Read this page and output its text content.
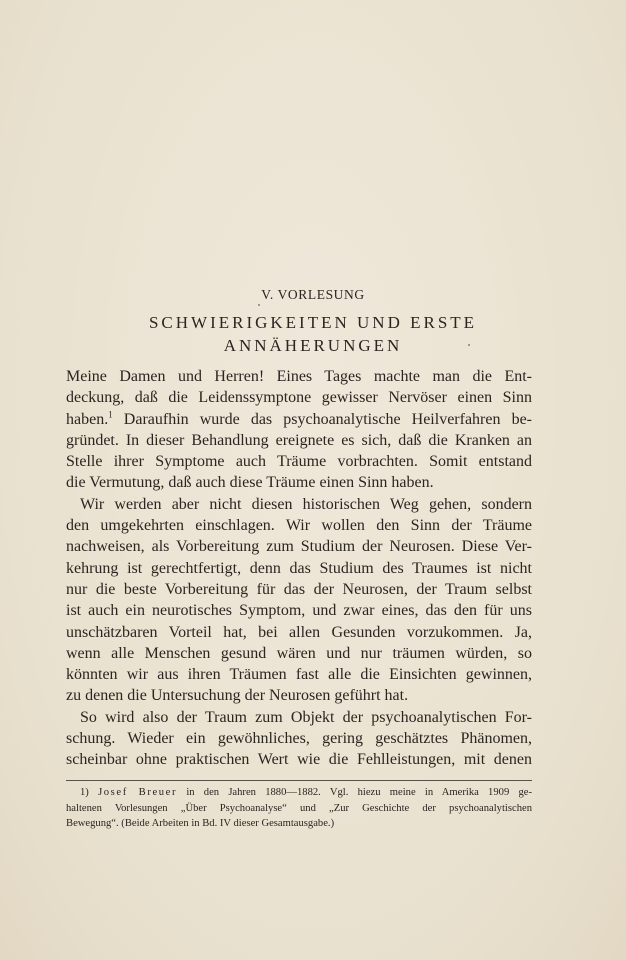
V. VORLESUNG
SCHWIERIGKEITEN UND ERSTE
ANNÄHERUNGEN
Meine Damen und Herren! Eines Tages machte man die Ent-
deckung, daß die Leidenssymptone gewisser Nervöser einen Sinn
haben.$^1$ Daraufhin wurde das psychoanalytische Heilverfahren be-
gründet. In dieser Behandlung ereignete es sich, daß die Kranken an
Stelle ihrer Symptome auch Träume vorbrachten. Somit entstand
die Vermutung, daß auch diese Träume einen Sinn haben.
Wir werden aber nicht diesen historischen Weg gehen, sondern
den umgekehrten einschlagen. Wir wollen den Sinn der Träume
nachweisen, als Vorbereitung zum Studium der Neurosen. Diese Ver-
kehrung ist gerechtfertigt, denn das Studium des Traumes ist nicht
nur die beste Vorbereitung für das der Neurosen, der Traum selbst
ist auch ein neurotisches Symptom, und zwar eines, das den für uns
unschätzbaren Vorteil hat, bei allen Gesunden vorzukommen. Ja,
wenn alle Menschen gesund wären und nur träumen würden, so
könnten wir aus ihren Träumen fast alle die Einsichten gewinnen,
zu denen die Untersuchung der Neurosen geführt hat.
So wird also der Traum zum Objekt der psychoanalytischen For-
schung. Wieder ein gewöhnliches, gering geschätztes Phänomen,
scheinbar ohne praktischen Wert wie die Fehlleistungen, mit denen
1) Josef Breuer in den Jahren 1880—1882. Vgl. hiezu meine in Amerika 1909 ge-
haltenen Vorlesungen „Über Psychoanalyse“ und „Zur Geschichte der psychoanalytischen
Bewegung“. (Beide Arbeiten in Bd. IV dieser Gesamtausgabe.)
